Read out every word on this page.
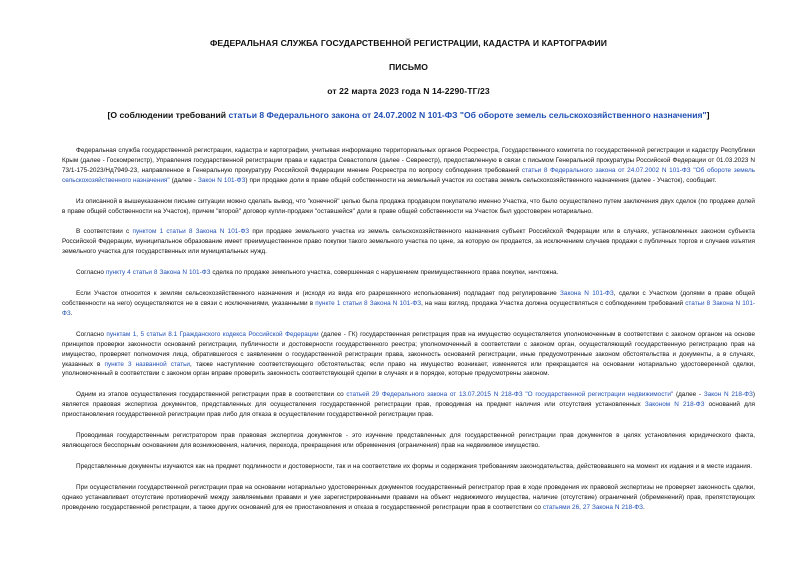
ФЕДЕРАЛЬНАЯ СЛУЖБА ГОСУДАРСТВЕННОЙ РЕГИСТРАЦИИ, КАДАСТРА И КАРТОГРАФИИ
ПИСЬМО
от 22 марта 2023 года N 14-2290-ТГ/23
[О соблюдении требований статьи 8 Федерального закона от 24.07.2002 N 101-ФЗ "Об обороте земель сельскохозяйственного назначения"]

Федеральная служба государственной регистрации, кадастра и картографии, учитывая информацию территориальных органов Росреестра, Государственного комитета по государственной регистрации и кадастру Республики Крым (далее - Госкомрегистр), Управления государственной регистрации права и кадастра Севастополя (далее - Севреестр), предоставленную в связи с письмом Генеральной прокуратуры Российской Федерации от 01.03.2023 N 73/1-175-2023/Нд7949-23, направленное в Генеральную прокуратуру Российской Федерации мнение Росреестра по вопросу соблюдения требований статьи 8 Федерального закона от 24.07.2002 N 101-ФЗ "Об обороте земель сельскохозяйственного назначения" (далее - Закон N 101-ФЗ) при продаже доли в праве общей собственности на земельный участок из состава земель сельскохозяйственного назначения (далее - Участок), сообщает.

Из описанной в вышеуказанном письме ситуации можно сделать вывод, что "конечной" целью была продажа продавцом покупателю именно Участка, что было осуществлено путем заключения двух сделок (по продаже долей в праве общей собственности на Участок), причем "второй" договор купли-продажи "оставшейся" доли в праве общей собственности на Участок был удостоверен нотариально.

В соответствии с пунктом 1 статьи 8 Закона N 101-ФЗ при продаже земельного участка из земель сельскохозяйственного назначения субъект Российской Федерации или в случаях, установленных законом субъекта Российской Федерации, муниципальное образование имеет преимущественное право покупки такого земельного участка по цене, за которую он продается, за исключением случаев продажи с публичных торгов и случаев изъятия земельного участка для государственных или муниципальных нужд.

Согласно пункту 4 статьи 8 Закона N 101-ФЗ сделка по продаже земельного участка, совершенная с нарушением преимущественного права покупки, ничтожна.

Если Участок относится к землям сельскохозяйственного назначения и (исходя из вида его разрешенного использования) подпадает под регулирование Закона N 101-ФЗ, сделки с Участком (долями в праве общей собственности на него) осуществляются не в связи с исключениями, указанными в пункте 1 статьи 8 Закона N 101-ФЗ, на наш взгляд, продажа Участка должна осуществляться с соблюдением требований статьи 8 Закона N 101-ФЗ.

Согласно пунктам 1, 5 статьи 8.1 Гражданского кодекса Российской Федерации (далее - ГК) государственная регистрация прав на имущество осуществляется уполномоченным в соответствии с законом органом на основе принципов проверки законности оснований регистрации, публичности и достоверности государственного реестра; уполномоченный в соответствии с законом орган, осуществляющий государственную регистрацию прав на имущество, проверяет полномочия лица, обратившегося с заявлением о государственной регистрации права, законность оснований регистрации, иные предусмотренные законом обстоятельства и документы, а в случаях, указанных в пункте 3 названной статьи, также наступление соответствующего обстоятельства; если право на имущество возникает, изменяется или прекращается на основании нотариально удостоверенной сделки, уполномоченный в соответствии с законом орган вправе проверить законность соответствующей сделки в случаях и в порядке, которые предусмотрены законом.

Одним из этапов осуществления государственной регистрации прав в соответствии со статьей 29 Федерального закона от 13.07.2015 N 218-ФЗ "О государственной регистрации недвижимости" (далее - Закон N 218-ФЗ) является правовая экспертиза документов, представленных для осуществления государственной регистрации прав, проводимая на предмет наличия или отсутствия установленных Законом N 218-ФЗ оснований для приостановления государственной регистрации прав либо для отказа в осуществлении государственной регистрации прав.

Проводимая государственным регистратором прав правовая экспертиза документов - это изучение представленных для государственной регистрации прав документов в целях установления юридического факта, являющегося бесспорным основанием для возникновения, наличия, перехода, прекращения или обременения (ограничения) прав на недвижимое имущество.

Представленные документы изучаются как на предмет подлинности и достоверности, так и на соответствие их формы и содержания требованиям законодательства, действовавшего на момент их издания и в месте издания.

При осуществлении государственной регистрации прав на основании нотариально удостоверенных документов государственный регистратор прав в ходе проведения их правовой экспертизы не проверяет законность сделки, однако устанавливает отсутствие противоречий между заявляемыми правами и уже зарегистрированными правами на объект недвижимого имущества, наличие (отсутствие) ограничений (обременений) прав, препятствующих проведению государственной регистрации, а также других оснований для ее приостановления и отказа в государственной регистрации прав в соответствии со статьями 26, 27 Закона N 218-ФЗ.
